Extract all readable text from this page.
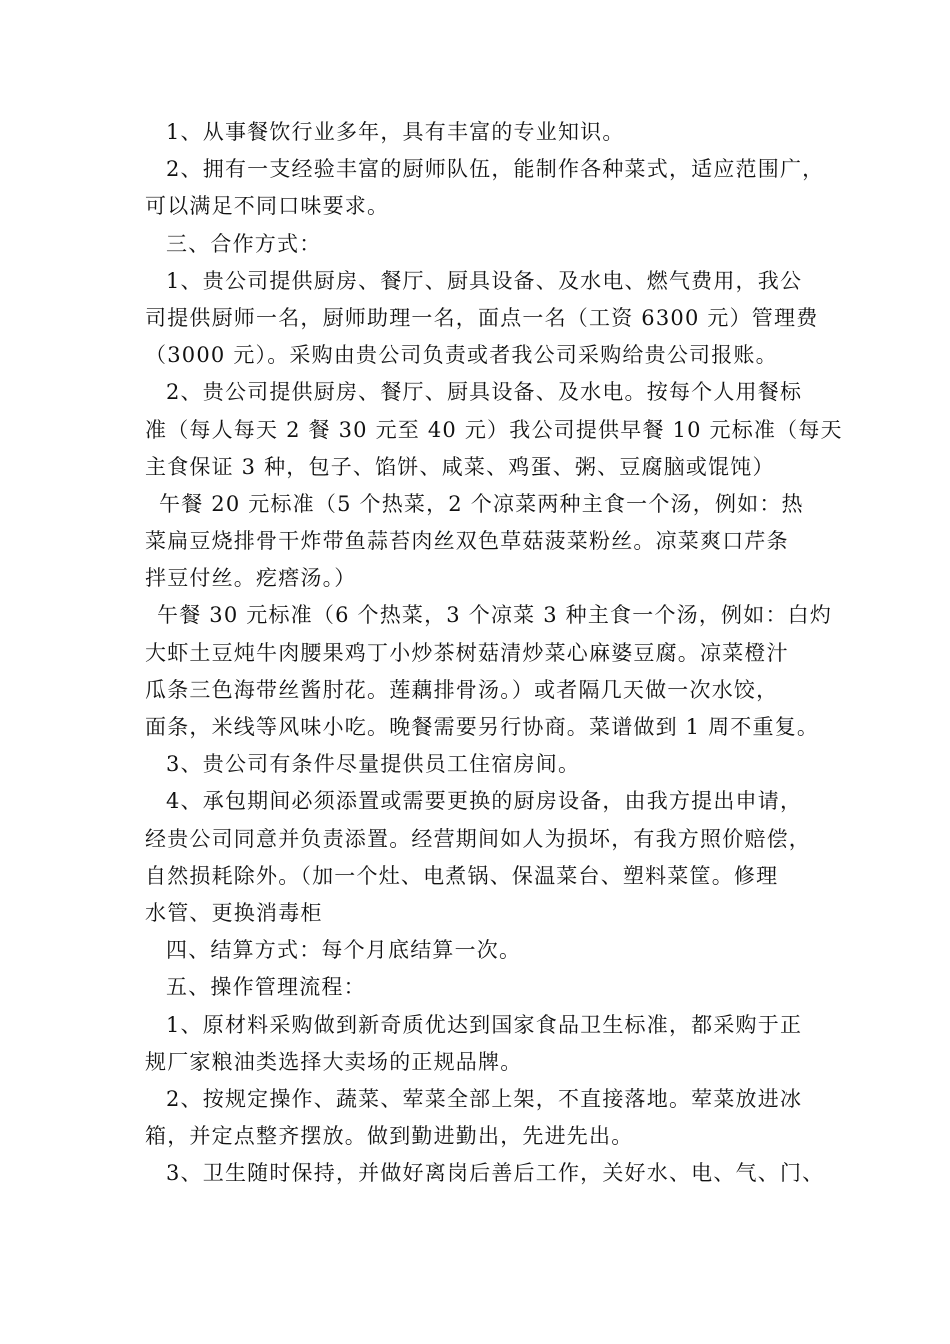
1、从事餐饮行业多年，具有丰富的专业知识。
2、拥有一支经验丰富的厨师队伍，能制作各种菜式，适应范围广，
可以满足不同口味要求。
三、合作方式：
1、贵公司提供厨房、餐厅、厨具设备、及水电、燃气费用，我公
司提供厨师一名，厨师助理一名，面点一名（工资 6300 元）管理费
（3000 元）。采购由贵公司负责或者我公司采购给贵公司报账。
2、贵公司提供厨房、餐厅、厨具设备、及水电。按每个人用餐标
准（每人每天 2 餐 30 元至 40 元）我公司提供早餐 10 元标准（每天
主食保证 3 种，包子、馅饼、咸菜、鸡蛋、粥、豆腐脑或馄饨）
午餐 20 元标准（5 个热菜，2 个凉菜两种主食一个汤，例如：热
菜扁豆烧排骨干炸带鱼蒜苔肉丝双色草菇菠菜粉丝。凉菜爽口芹条
拌豆付丝。疙瘩汤。）
午餐 30 元标准（6 个热菜，3 个凉菜 3 种主食一个汤，例如：白灼
大虾土豆炖牛肉腰果鸡丁小炒茶树菇清炒菜心麻婆豆腐。凉菜橙汁
瓜条三色海带丝酱肘花。莲藕排骨汤。）或者隔几天做一次水饺，
面条，米线等风味小吃。晚餐需要另行协商。菜谱做到 1 周不重复。
3、贵公司有条件尽量提供员工住宿房间。
4、承包期间必须添置或需要更换的厨房设备，由我方提出申请，
经贵公司同意并负责添置。经营期间如人为损坏，有我方照价赔偿，
自然损耗除外。（加一个灶、电煮锅、保温菜台、塑料菜筐。修理
水管、更换消毒柜
四、结算方式：每个月底结算一次。
五、操作管理流程：
1、原材料采购做到新奇质优达到国家食品卫生标准，都采购于正
规厂家粮油类选择大卖场的正规品牌。
2、按规定操作、蔬菜、荤菜全部上架，不直接落地。荤菜放进冰
箱，并定点整齐摆放。做到勤进勤出，先进先出。
3、卫生随时保持，并做好离岗后善后工作，关好水、电、气、门、
